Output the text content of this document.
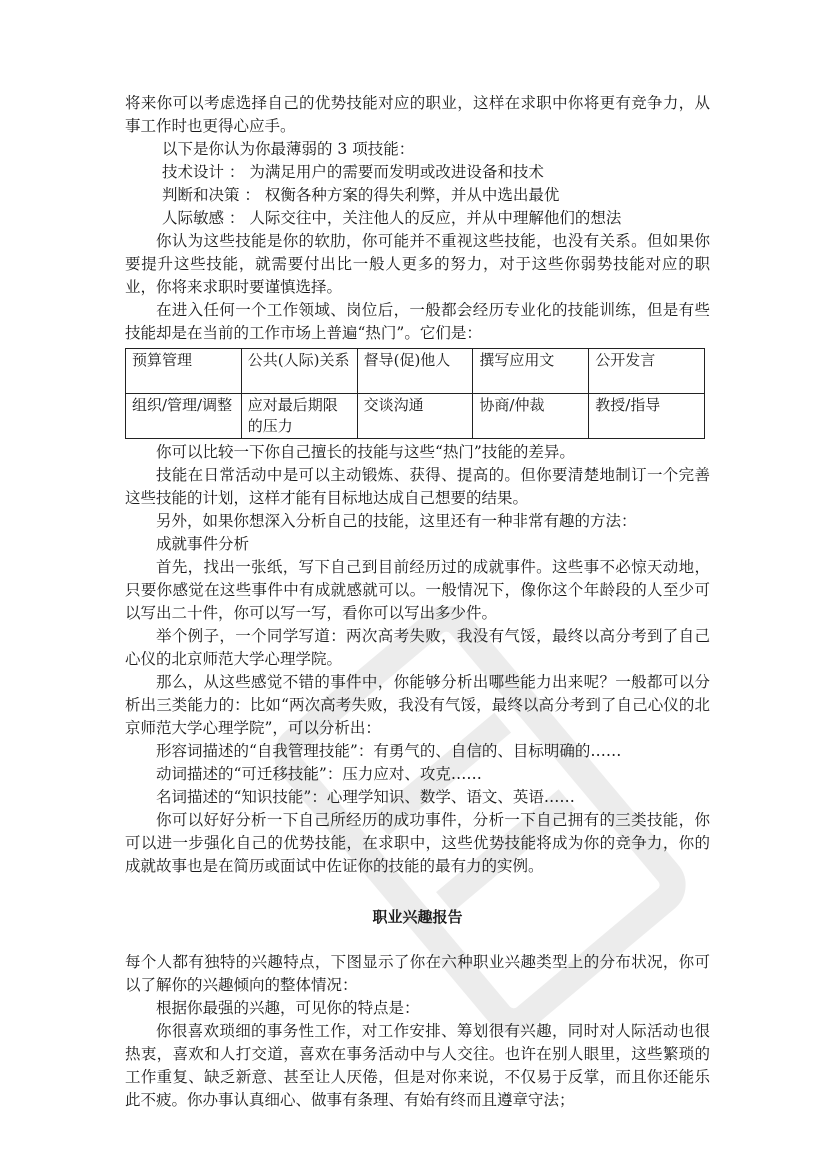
将来你可以考虑选择自己的优势技能对应的职业，这样在求职中你将更有竞争力，从事工作时也更得心应手。

以下是你认为你最薄弱的 3 项技能：

技术设计 ： 为满足用户的需要而发明或改进设备和技术

判断和决策 ： 权衡各种方案的得失利弊，并从中选出最优

人际敏感 ： 人际交往中，关注他人的反应，并从中理解他们的想法

你认为这些技能是你的软肋，你可能并不重视这些技能，也没有关系。但如果你要提升这些技能，就需要付出比一般人更多的努力，对于这些你弱势技能对应的职业，你将来求职时要谨慎选择。

在进入任何一个工作领域、岗位后，一般都会经历专业化的技能训练，但是有些技能却是在当前的工作市场上普遍“热门”。它们是：

预算管理	公共(人际)关系	督导(促)他人	撰写应用文	公开发言
组织/管理/调整	应对最后期限的压力	交谈沟通	协商/仲裁	教授/指导

你可以比较一下你自己擅长的技能与这些“热门”技能的差异。

技能在日常活动中是可以主动锻炼、获得、提高的。但你要清楚地制订一个完善这些技能的计划，这样才能有目标地达成自己想要的结果。

另外，如果你想深入分析自己的技能，这里还有一种非常有趣的方法：

成就事件分析

首先，找出一张纸，写下自己到目前经历过的成就事件。这些事不必惊天动地，只要你感觉在这些事件中有成就感就可以。一般情况下，像你这个年龄段的人至少可以写出二十件，你可以写一写，看你可以写出多少件。

举个例子，一个同学写道：两次高考失败，我没有气馁，最终以高分考到了自己心仪的北京师范大学心理学院。

那么，从这些感觉不错的事件中，你能够分析出哪些能力出来呢？一般都可以分析出三类能力的：比如“两次高考失败，我没有气馁，最终以高分考到了自己心仪的北京师范大学心理学院”，可以分析出：

形容词描述的“自我管理技能”：有勇气的、自信的、目标明确的……

动词描述的“可迁移技能”：压力应对、攻克……

名词描述的“知识技能”：心理学知识、数学、语文、英语……

你可以好好分析一下自己所经历的成功事件，分析一下自己拥有的三类技能，你可以进一步强化自己的优势技能，在求职中，这些优势技能将成为你的竞争力，你的成就故事也是在简历或面试中佐证你的技能的最有力的实例。

职业兴趣报告

每个人都有独特的兴趣特点，下图显示了你在六种职业兴趣类型上的分布状况，你可以了解你的兴趣倾向的整体情况：

根据你最强的兴趣，可见你的特点是：

你很喜欢琐细的事务性工作，对工作安排、筹划很有兴趣，同时对人际活动也很热衷，喜欢和人打交道，喜欢在事务活动中与人交往。也许在别人眼里，这些繁琐的工作重复、缺乏新意、甚至让人厌倦，但是对你来说，不仅易于反掌，而且你还能乐此不疲。你办事认真细心、做事有条理、有始有终而且遵章守法；
